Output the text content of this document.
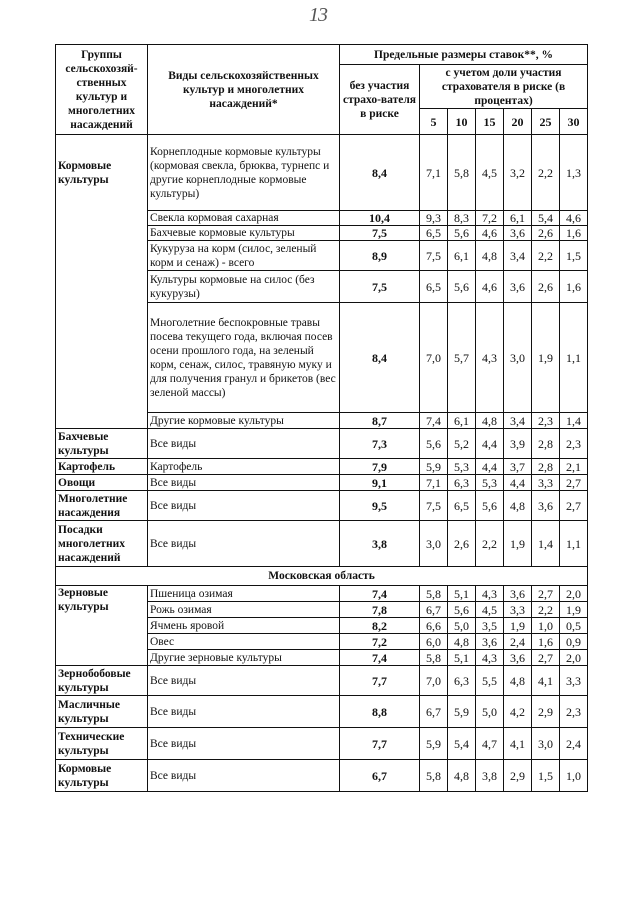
13
Группы сельскохозяй-ственных культур и многолетних насаждений	Виды сельскохозяйственных культур и многолетних насаждений*	Предельные размеры ставок**, %						
		без участия страхо-вателя в риске	с учетом доли участия страхователя в риске (в процентах)					
			5	10	15	20	25	30
Кормовые культуры	Корнеплодные кормовые культуры (кормовая свекла, брюква, турнепс и другие корнеплодные кормовые культуры)	8,4	7,1	5,8	4,5	3,2	2,2	1,3
	Свекла кормовая сахарная	10,4	9,3	8,3	7,2	6,1	5,4	4,6
	Бахчевые кормовые культуры	7,5	6,5	5,6	4,6	3,6	2,6	1,6
	Кукуруза на корм (силос, зеленый корм и сенаж) - всего	8,9	7,5	6,1	4,8	3,4	2,2	1,5
	Культуры кормовые на силос (без кукурузы)	7,5	6,5	5,6	4,6	3,6	2,6	1,6
	Многолетние беспокровные травы посева текущего года, включая посев осени прошлого года, на зеленый корм, сенаж, силос, травяную муку и для получения гранул и брикетов (вес зеленой массы)	8,4	7,0	5,7	4,3	3,0	1,9	1,1
	Другие кормовые культуры	8,7	7,4	6,1	4,8	3,4	2,3	1,4
Бахчевые культуры	Все виды	7,3	5,6	5,2	4,4	3,9	2,8	2,3
Картофель	Картофель	7,9	5,9	5,3	4,4	3,7	2,8	2,1
Овощи	Все виды	9,1	7,1	6,3	5,3	4,4	3,3	2,7
Многолетние насаждения	Все виды	9,5	7,5	6,5	5,6	4,8	3,6	2,7
Посадки многолетних насаждений	Все виды	3,8	3,0	2,6	2,2	1,9	1,4	1,1
Московская область								
Зерновые культуры	Пшеница озимая	7,4	5,8	5,1	4,3	3,6	2,7	2,0
	Рожь озимая	7,8	6,7	5,6	4,5	3,3	2,2	1,9
	Ячмень яровой	8,2	6,6	5,0	3,5	1,9	1,0	0,5
	Овес	7,2	6,0	4,8	3,6	2,4	1,6	0,9
	Другие зерновые культуры	7,4	5,8	5,1	4,3	3,6	2,7	2,0
Зернобобовые культуры	Все виды	7,7	7,0	6,3	5,5	4,8	4,1	3,3
Масличные культуры	Все виды	8,8	6,7	5,9	5,0	4,2	2,9	2,3
Технические культуры	Все виды	7,7	5,9	5,4	4,7	4,1	3,0	2,4
Кормовые культуры	Все виды	6,7	5,8	4,8	3,8	2,9	1,5	1,0
